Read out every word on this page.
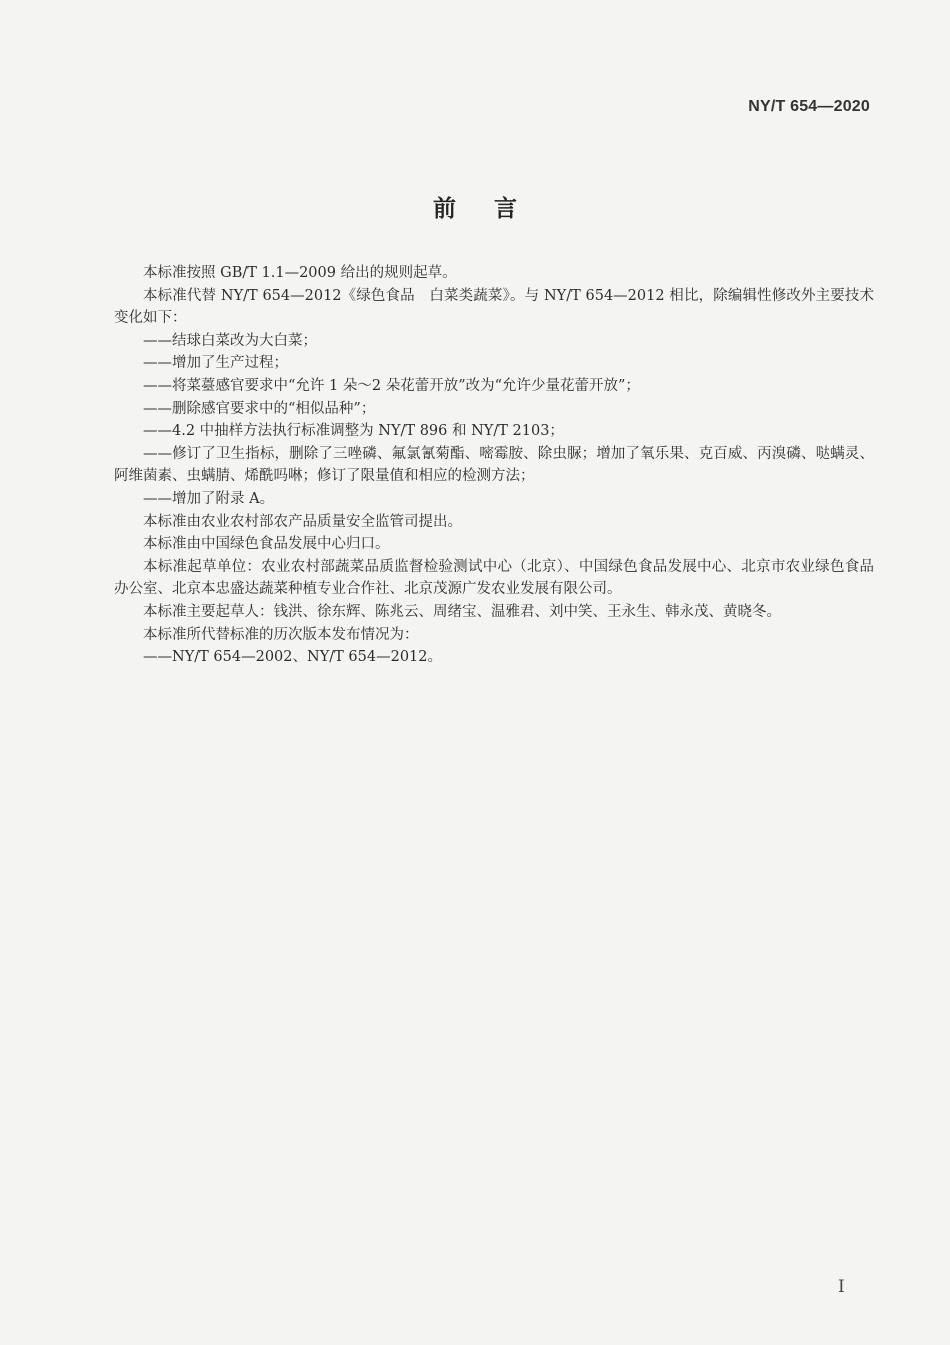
NY/T 654—2020
前言

本标准按照 GB/T 1.1—2009 给出的规则起草。

本标准代替 NY/T 654—2012《绿色食品　白菜类蔬菜》。与 NY/T 654—2012 相比，除编辑性修改外主要技术变化如下：

——结球白菜改为大白菜；

——增加了生产过程；

——将菜薹感官要求中“允许 1 朵～2 朵花蕾开放”改为“允许少量花蕾开放”；

——删除感官要求中的“相似品种”；

——4.2 中抽样方法执行标准调整为 NY/T 896 和 NY/T 2103；

——修订了卫生指标，删除了三唑磷、氟氯氰菊酯、嘧霉胺、除虫脲；增加了氧乐果、克百威、丙溴磷、哒螨灵、阿维菌素、虫螨腈、烯酰吗啉；修订了限量值和相应的检测方法；

——增加了附录 A。

本标准由农业农村部农产品质量安全监管司提出。

本标准由中国绿色食品发展中心归口。

本标准起草单位：农业农村部蔬菜品质监督检验测试中心（北京）、中国绿色食品发展中心、北京市农业绿色食品办公室、北京本忠盛达蔬菜种植专业合作社、北京茂源广发农业发展有限公司。

本标准主要起草人：钱洪、徐东辉、陈兆云、周绪宝、温雅君、刘中笑、王永生、韩永茂、黄晓冬。

本标准所代替标准的历次版本发布情况为：

——NY/T 654—2002、NY/T 654—2012。

I
